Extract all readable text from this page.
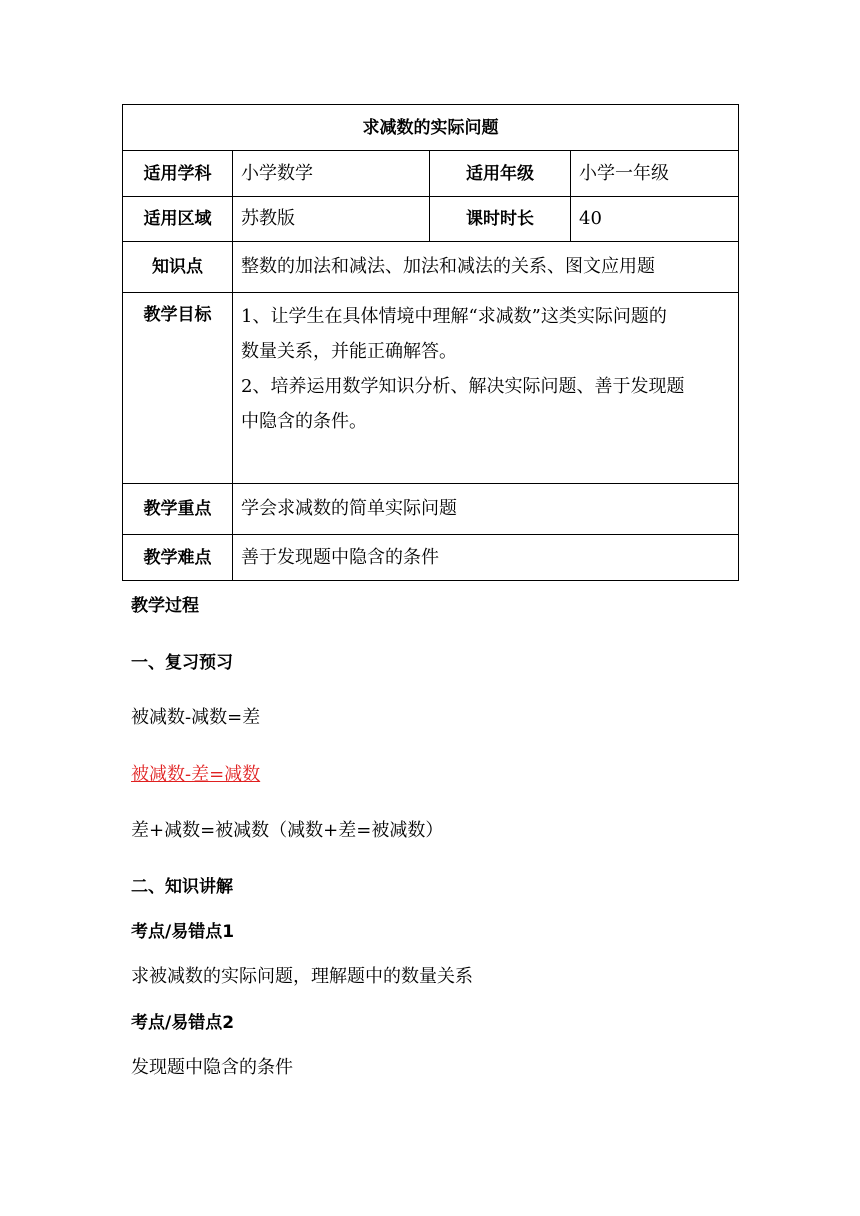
求减数的实际问题			
适用学科	小学数学	适用年级	小学一年级
适用区域	苏教版	课时时长	40
知识点	整数的加法和减法、加法和减法的关系、图文应用题		
教学目标	1、让学生在具体情境中理解“求减数”这类实际问题的
数量关系，并能正确解答。
2、培养运用数学知识分析、解决实际问题、善于发现题
中隐含的条件。		

教学重点	学会求减数的简单实际问题		
教学难点	善于发现题中隐含的条件		
教学过程
一、复习预习
被减数-减数=差
被减数-差=减数
差+减数=被减数（减数+差=被减数）
二、知识讲解
考点/易错点1
求被减数的实际问题，理解题中的数量关系
考点/易错点2
发现题中隐含的条件
